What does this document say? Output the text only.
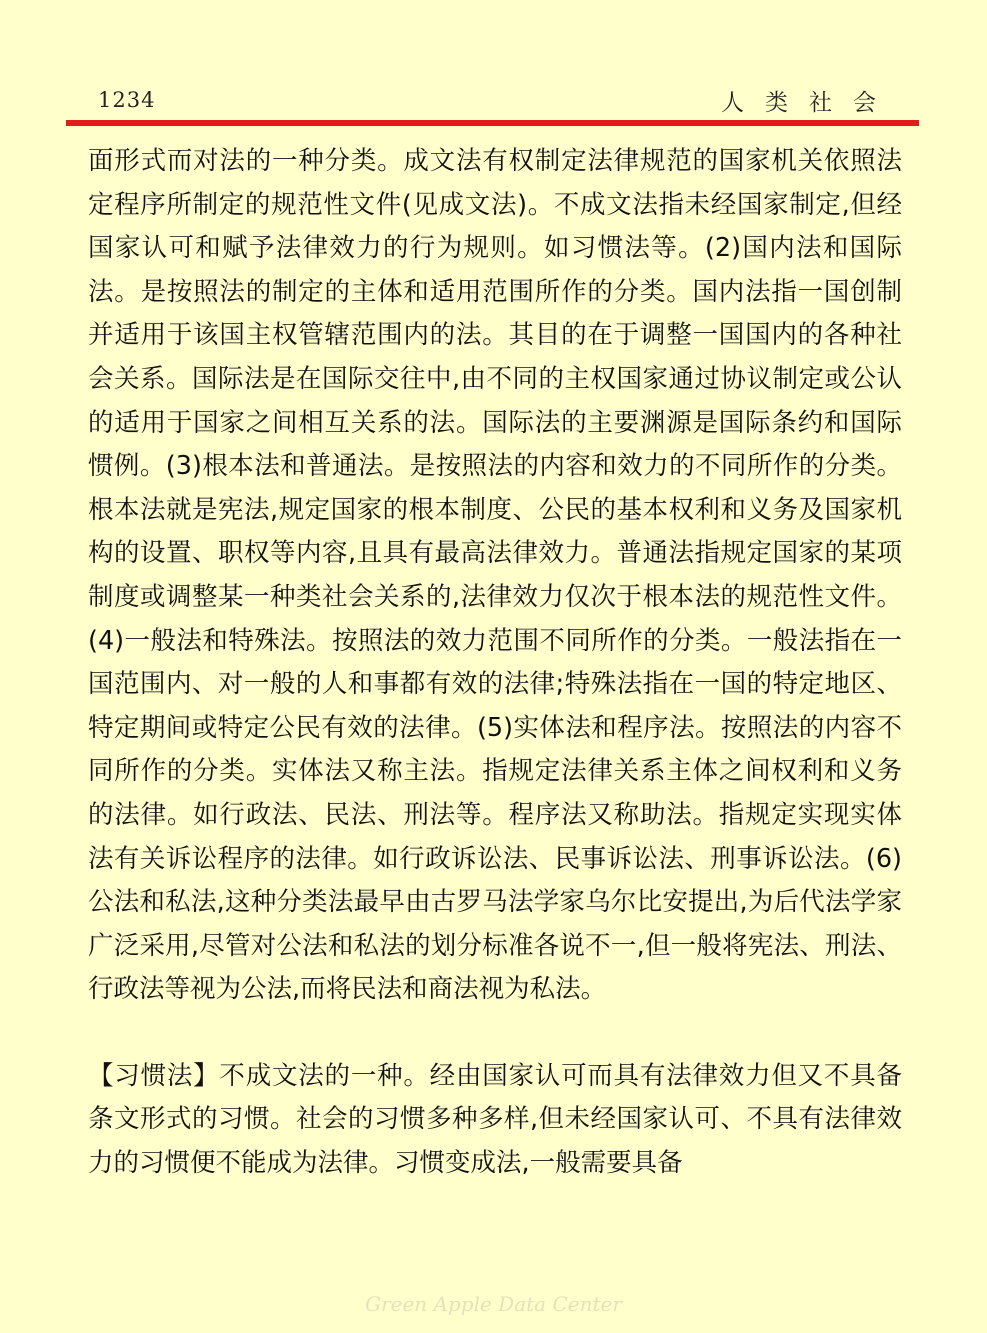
1234	人类社会

面形式而对法的一种分类。成文法有权制定法律规范的国家机关依照法定程序所制定的规范性文件(见成文法)。不成文法指未经国家制定,但经国家认可和赋予法律效力的行为规则。如习惯法等。(2)国内法和国际法。是按照法的制定的主体和适用范围所作的分类。国内法指一国创制并适用于该国主权管辖范围内的法。其目的在于调整一国国内的各种社会关系。国际法是在国际交往中,由不同的主权国家通过协议制定或公认的适用于国家之间相互关系的法。国际法的主要渊源是国际条约和国际惯例。(3)根本法和普通法。是按照法的内容和效力的不同所作的分类。根本法就是宪法,规定国家的根本制度、公民的基本权利和义务及国家机构的设置、职权等内容,且具有最高法律效力。普通法指规定国家的某项制度或调整某一种类社会关系的,法律效力仅次于根本法的规范性文件。(4)一般法和特殊法。按照法的效力范围不同所作的分类。一般法指在一国范围内、对一般的人和事都有效的法律;特殊法指在一国的特定地区、特定期间或特定公民有效的法律。(5)实体法和程序法。按照法的内容不同所作的分类。实体法又称主法。指规定法律关系主体之间权利和义务的法律。如行政法、民法、刑法等。程序法又称助法。指规定实现实体法有关诉讼程序的法律。如行政诉讼法、民事诉讼法、刑事诉讼法。(6)公法和私法,这种分类法最早由古罗马法学家乌尔比安提出,为后代法学家广泛采用,尽管对公法和私法的划分标准各说不一,但一般将宪法、刑法、行政法等视为公法,而将民法和商法视为私法。

【习惯法】不成文法的一种。经由国家认可而具有法律效力但又不具备条文形式的习惯。社会的习惯多种多样,但未经国家认可、不具有法律效力的习惯便不能成为法律。习惯变成法,一般需要具备

Green Apple Data Center
